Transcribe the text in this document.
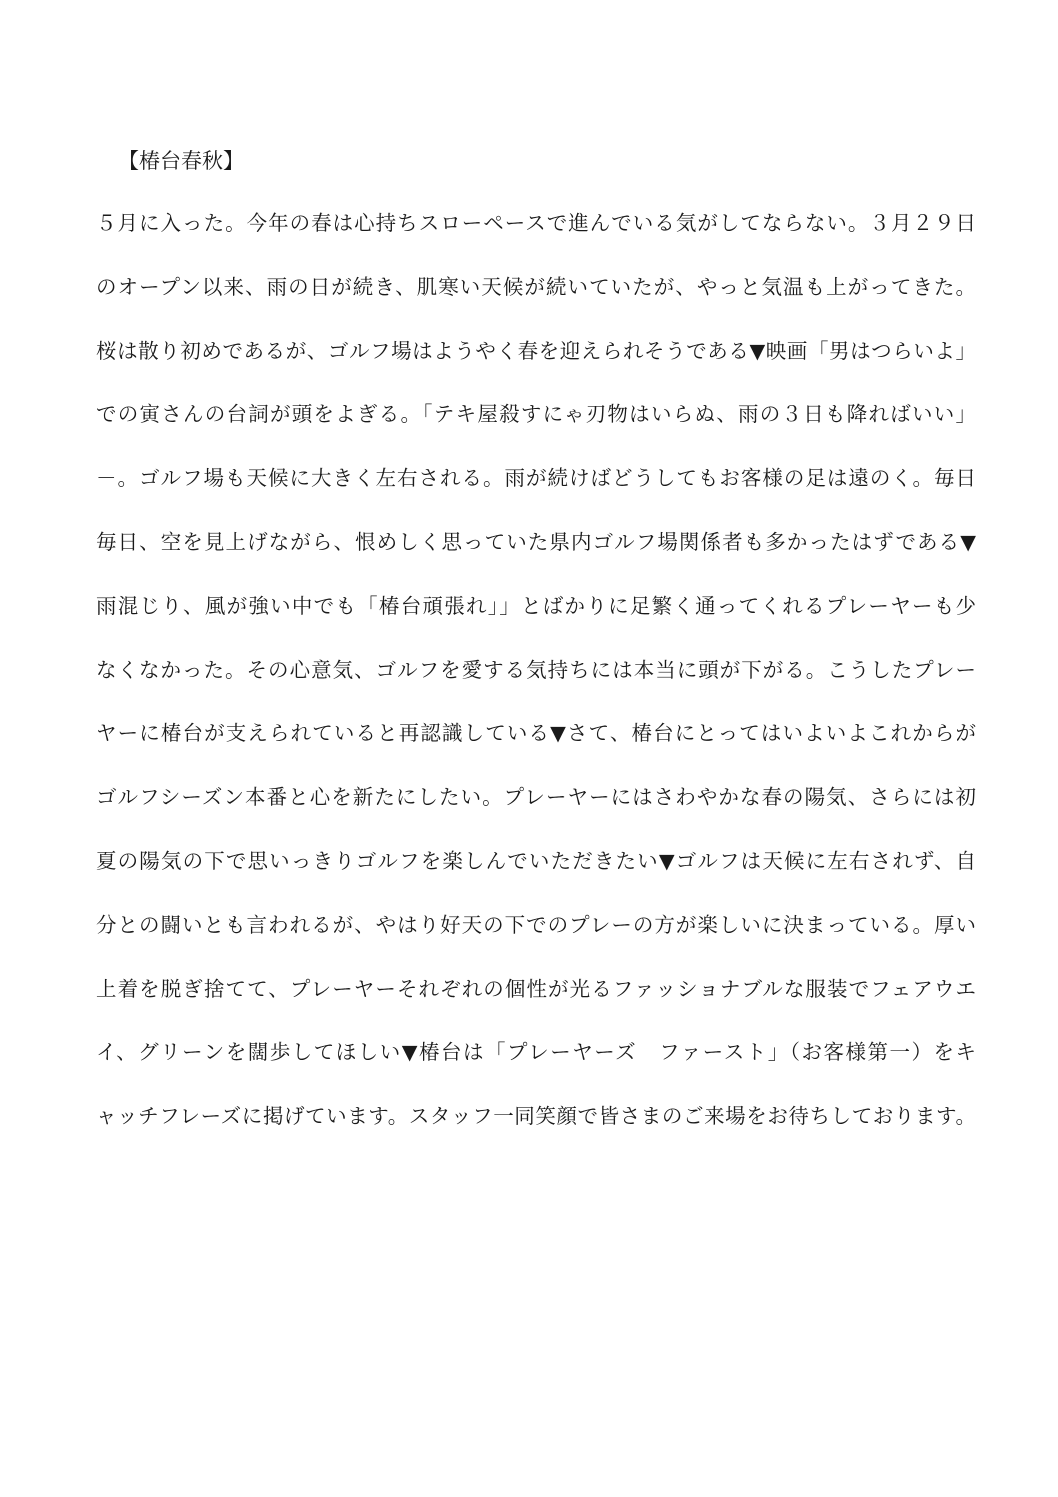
【椿台春秋】
５月に入った。今年の春は心持ちスローペースで進んでいる気がしてならない。３月２９日
のオープン以来、雨の日が続き、肌寒い天候が続いていたが、やっと気温も上がってきた。
桜は散り初めであるが、ゴルフ場はようやく春を迎えられそうである▼映画「男はつらいよ」
での寅さんの台詞が頭をよぎる。「テキ屋殺すにゃ刃物はいらぬ、雨の３日も降ればいい」
－。ゴルフ場も天候に大きく左右される。雨が続けばどうしてもお客様の足は遠のく。毎日
毎日、空を見上げながら、恨めしく思っていた県内ゴルフ場関係者も多かったはずである▼
雨混じり、風が強い中でも「椿台頑張れ」」とばかりに足繁く通ってくれるプレーヤーも少
なくなかった。その心意気、ゴルフを愛する気持ちには本当に頭が下がる。こうしたプレー
ヤーに椿台が支えられていると再認識している▼さて、椿台にとってはいよいよこれからが
ゴルフシーズン本番と心を新たにしたい。プレーヤーにはさわやかな春の陽気、さらには初
夏の陽気の下で思いっきりゴルフを楽しんでいただきたい▼ゴルフは天候に左右されず、自
分との闘いとも言われるが、やはり好天の下でのプレーの方が楽しいに決まっている。厚い
上着を脱ぎ捨てて、プレーヤーそれぞれの個性が光るファッショナブルな服装でフェアウエ
イ、グリーンを闊歩してほしい▼椿台は「プレーヤーズ　ファースト」（お客様第一）をキ
ャッチフレーズに掲げています。スタッフ一同笑顔で皆さまのご来場をお待ちしております。
